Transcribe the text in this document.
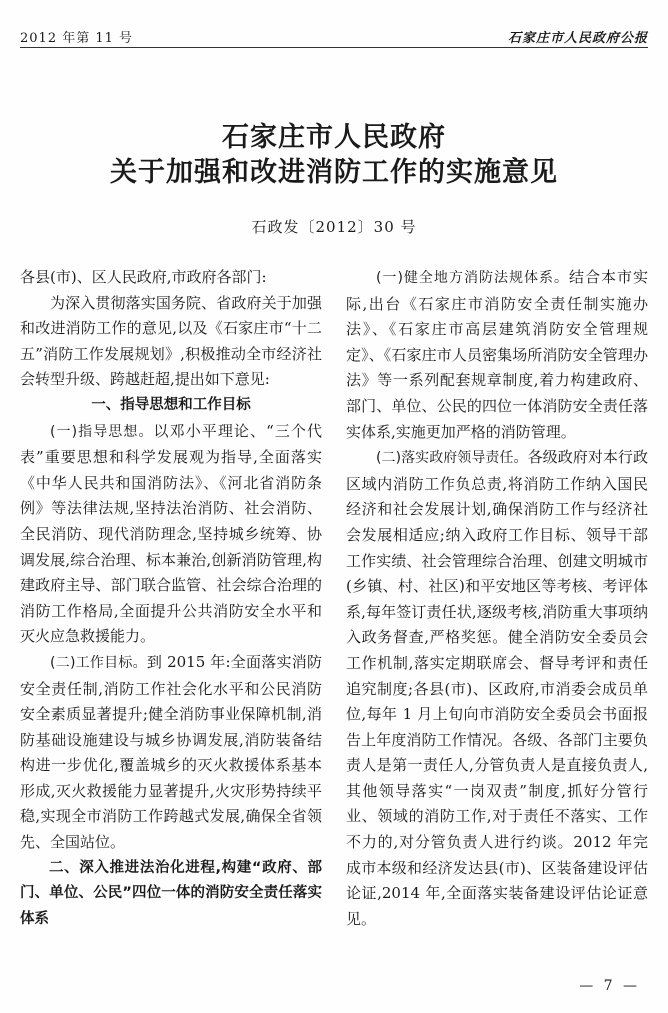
2012 年第 11 号	石家庄市人民政府公报
石家庄市人民政府
关于加强和改进消防工作的实施意见
石政发〔2012〕30 号

各县(市)、区人民政府,市政府各部门:

为深入贯彻落实国务院、省政府关于加强和改进消防工作的意见,以及《石家庄市“十二五”消防工作发展规划》,积极推动全市经济社会转型升级、跨越赶超,提出如下意见:

一、指导思想和工作目标

(一)指导思想。以邓小平理论、“三个代表”重要思想和科学发展观为指导,全面落实《中华人民共和国消防法》、《河北省消防条例》等法律法规,坚持法治消防、社会消防、全民消防、现代消防理念,坚持城乡统筹、协调发展,综合治理、标本兼治,创新消防管理,构建政府主导、部门联合监管、社会综合治理的消防工作格局,全面提升公共消防安全水平和灭火应急救援能力。

(二)工作目标。到 2015 年:全面落实消防安全责任制,消防工作社会化水平和公民消防安全素质显著提升;健全消防事业保障机制,消防基础设施建设与城乡协调发展,消防装备结构进一步优化,覆盖城乡的灭火救援体系基本形成,灭火救援能力显著提升,火灾形势持续平稳,实现全市消防工作跨越式发展,确保全省领先、全国站位。

二、深入推进法治化进程,构建“政府、部门、单位、公民”四位一体的消防安全责任落实体系

(一)健全地方消防法规体系。结合本市实际,出台《石家庄市消防安全责任制实施办法》、《石家庄市高层建筑消防安全管理规定》、《石家庄市人员密集场所消防安全管理办法》等一系列配套规章制度,着力构建政府、部门、单位、公民的四位一体消防安全责任落实体系,实施更加严格的消防管理。

(二)落实政府领导责任。各级政府对本行政区域内消防工作负总责,将消防工作纳入国民经济和社会发展计划,确保消防工作与经济社会发展相适应;纳入政府工作目标、领导干部工作实绩、社会管理综合治理、创建文明城市(乡镇、村、社区)和平安地区等考核、考评体系,每年签订责任状,逐级考核,消防重大事项纳入政务督查,严格奖惩。健全消防安全委员会工作机制,落实定期联席会、督导考评和责任追究制度;各县(市)、区政府,市消委会成员单位,每年 1 月上旬向市消防安全委员会书面报告上年度消防工作情况。各级、各部门主要负责人是第一责任人,分管负责人是直接负责人,其他领导落实“一岗双责”制度,抓好分管行业、领域的消防工作,对于责任不落实、工作不力的,对分管负责人进行约谈。2012 年完成市本级和经济发达县(市)、区装备建设评估论证,2014 年,全面落实装备建设评估论证意见。

— 7 —
